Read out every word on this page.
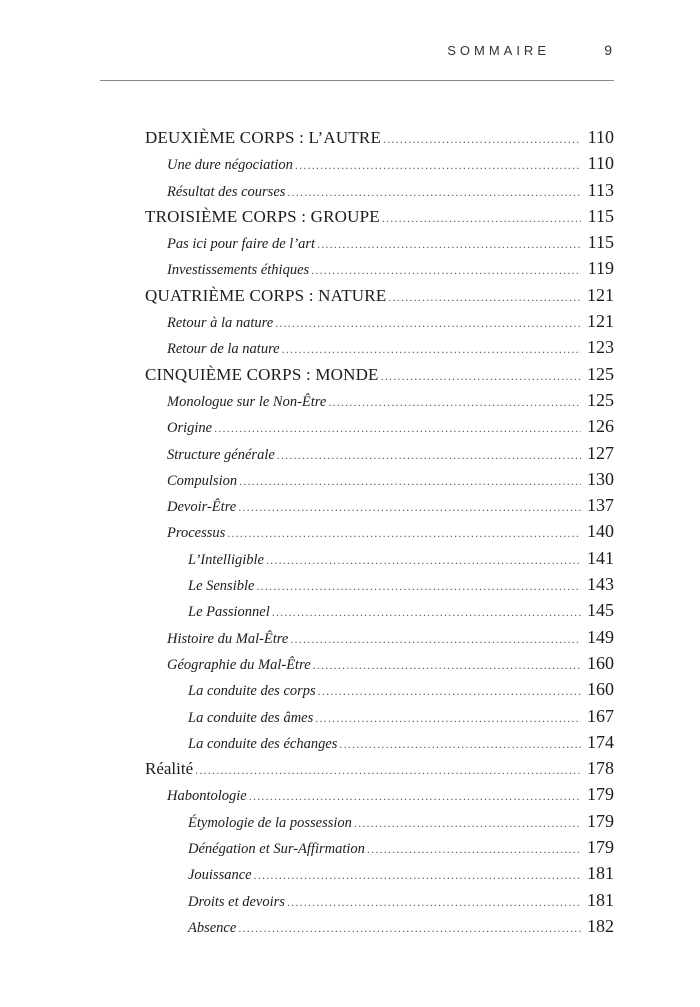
SOMMAIRE	9
DEUXIÈME CORPS : L’AUTRE .....	110
Une dure négociation .....	110
Résultat des courses .....	113
TROISIÈME CORPS : GROUPE .....	115
Pas ici pour faire de l’art .....	115
Investissements éthiques .....	119
QUATRIÈME CORPS : NATURE .....	121
Retour à la nature .....	121
Retour de la nature .....	123
CINQUIÈME CORPS : MONDE .....	125
Monologue sur le Non-Être .....	125
Origine .....	126
Structure générale .....	127
Compulsion .....	130
Devoir-Être .....	137
Processus .....	140
L’Intelligible .....	141
Le Sensible .....	143
Le Passionnel .....	145
Histoire du Mal-Être .....	149
Géographie du Mal-Être .....	160
La conduite des corps .....	160
La conduite des âmes .....	167
La conduite des échanges .....	174
Réalité .....	178
Habontologie .....	179
Étymologie de la possession .....	179
Dénégation et Sur-Affirmation .....	179
Jouissance .....	181
Droits et devoirs .....	181
Absence .....	182
